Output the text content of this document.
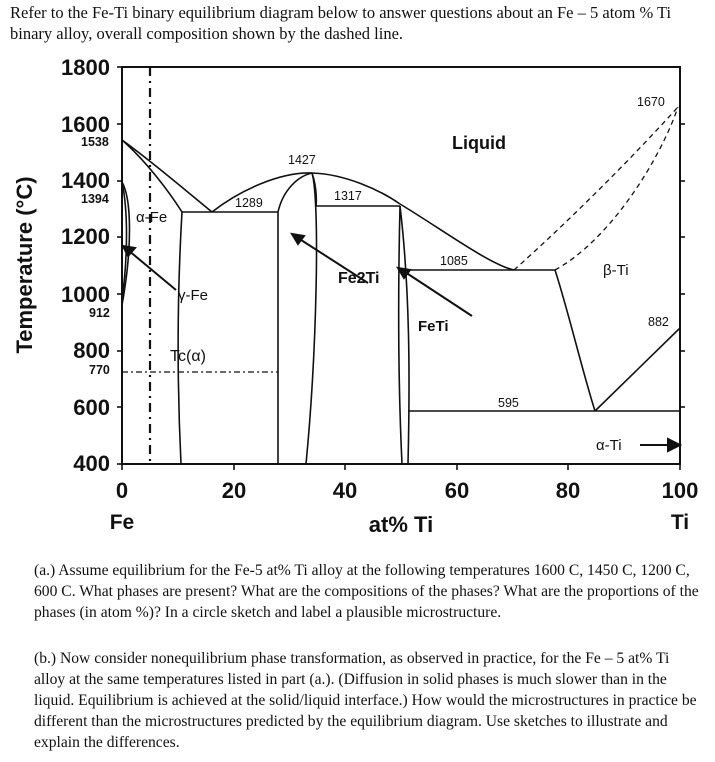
Refer to the Fe-Ti binary equilibrium diagram below to answer questions about an Fe – 5 atom % Ti binary alloy, overall composition shown by the dashed line.
1800
1600
1400
1200
1000
800
600
400
0	20	40	60	80	100
Fe	Ti
at% Ti
Temperature (°C)
1538
1394
912
770
1427
1289	1317
1085
595
1670
882
Liquid
α-Fe
γ-Fe
Tc(α)
Fe2Ti
FeTi
β-Ti
α-Ti
(a.) Assume equilibrium for the Fe-5 at% Ti alloy at the following temperatures 1600 C, 1450 C, 1200 C, 600 C. What phases are present? What are the compositions of the phases? What are the proportions of the phases (in atom %)? In a circle sketch and label a plausible microstructure.
(b.) Now consider nonequilibrium phase transformation, as observed in practice, for the Fe – 5 at% Ti alloy at the same temperatures listed in part (a.). (Diffusion in solid phases is much slower than in the liquid. Equilibrium is achieved at the solid/liquid interface.) How would the microstructures in practice be different than the microstructures predicted by the equilibrium diagram. Use sketches to illustrate and explain the differences.
